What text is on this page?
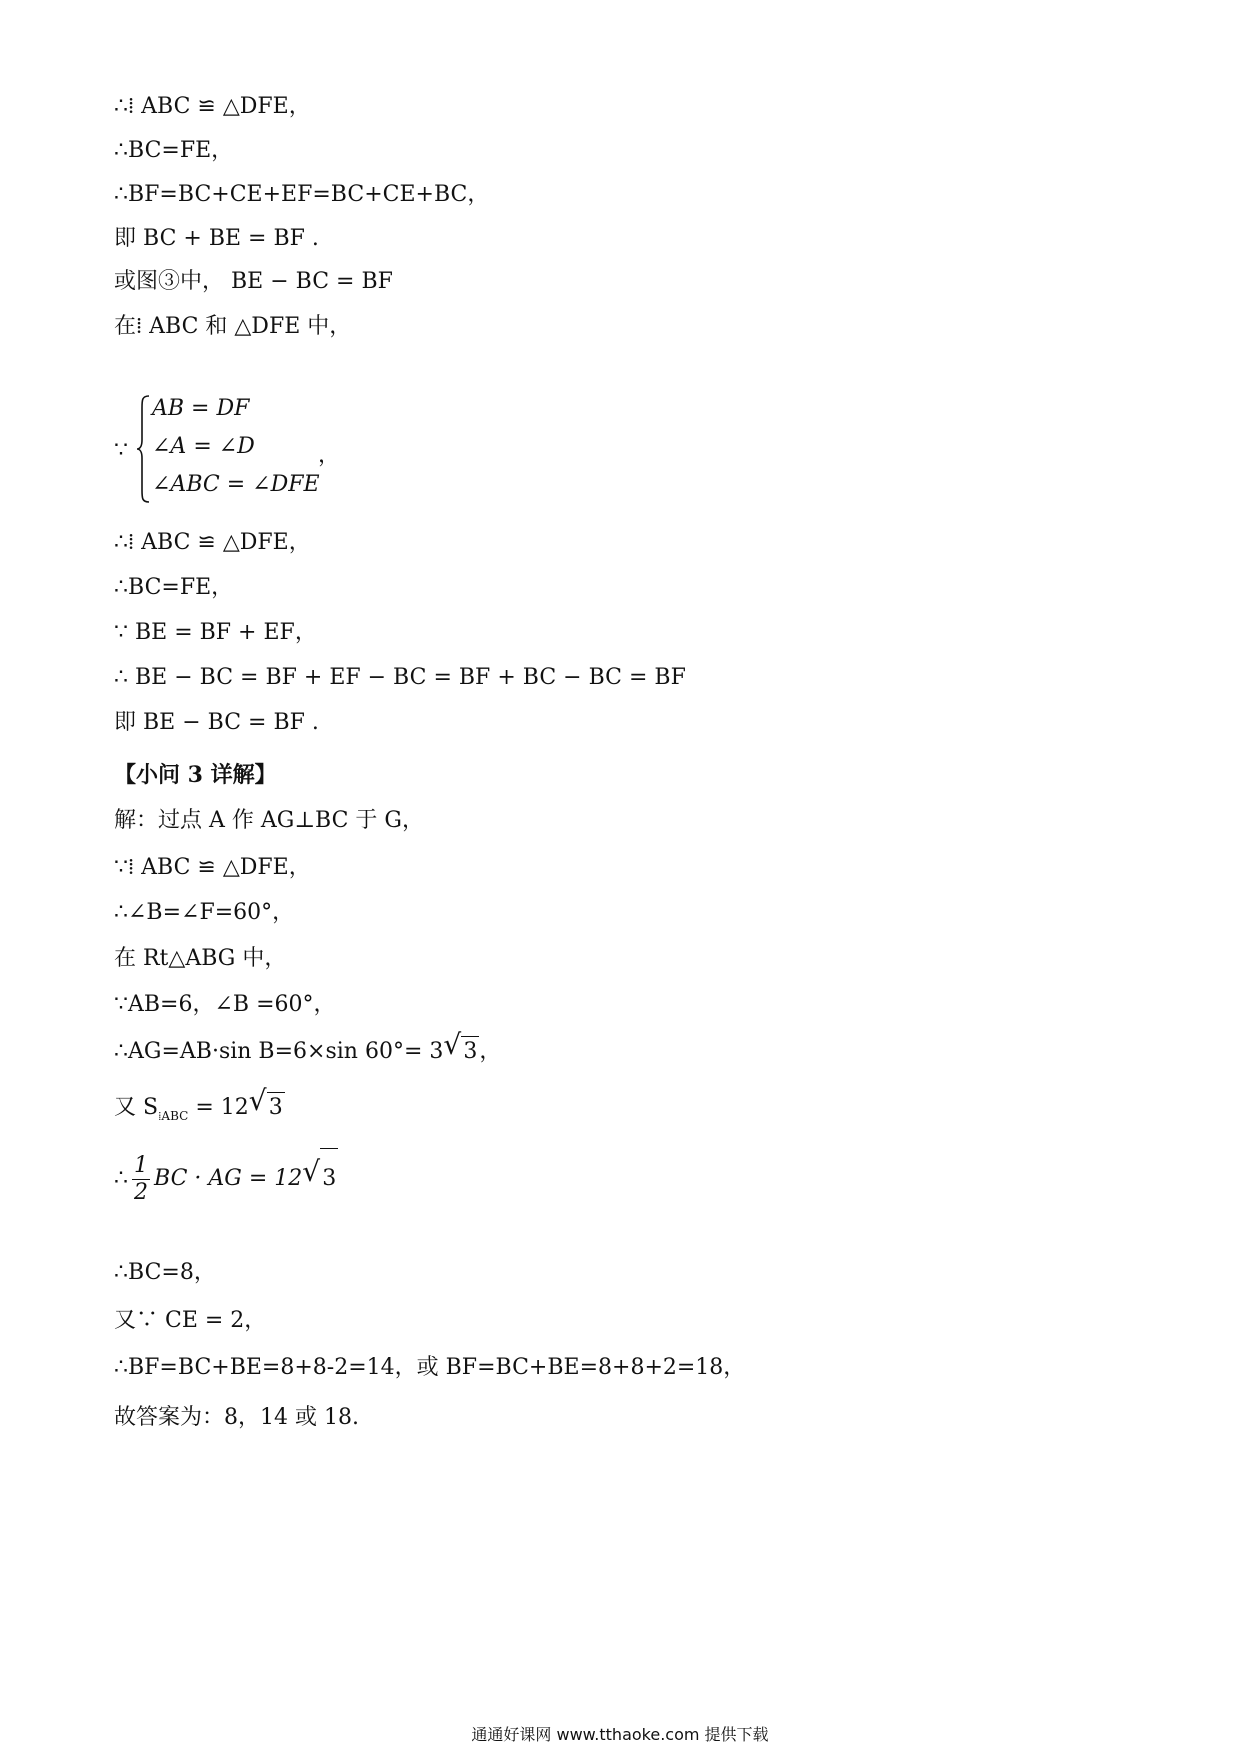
∴⁞ ABC ≌ △DFE，
∴BC=FE，
∴BF=BC+CE+EF=BC+CE+BC，
即 BC + BE = BF .
或图③中， BE − BC = BF
在⁞ ABC 和 △DFE 中，
∵
AB = DF
∠A = ∠D
∠ABC = ∠DFE
，
∴⁞ ABC ≌ △DFE，
∴BC=FE，
∵ BE = BF + EF，
∴ BE − BC = BF + EF − BC = BF + BC − BC = BF
即 BE − BC = BF .
【小问 3 详解】
解：过点 A 作 AG⊥BC 于 G，
∵⁞ ABC ≌ △DFE，
∴∠B=∠F=60°，
在 Rt△ABG 中，
∵AB=6，∠B =60°，
∴AG=AB·sin B=6×sin 60°= 3 √ 3，
又 $S_{⁞ABC} = 12$ √ 3
∴ $\frac{1}{2}$ BC · AG = 12 √ 3
∴BC=8，
又∵ CE = 2，
∴BF=BC+BE=8+8-2=14，或 BF=BC+BE=8+8+2=18，
故答案为：8，14 或 18.
通通好课网 www.tthaoke.com 提供下载
